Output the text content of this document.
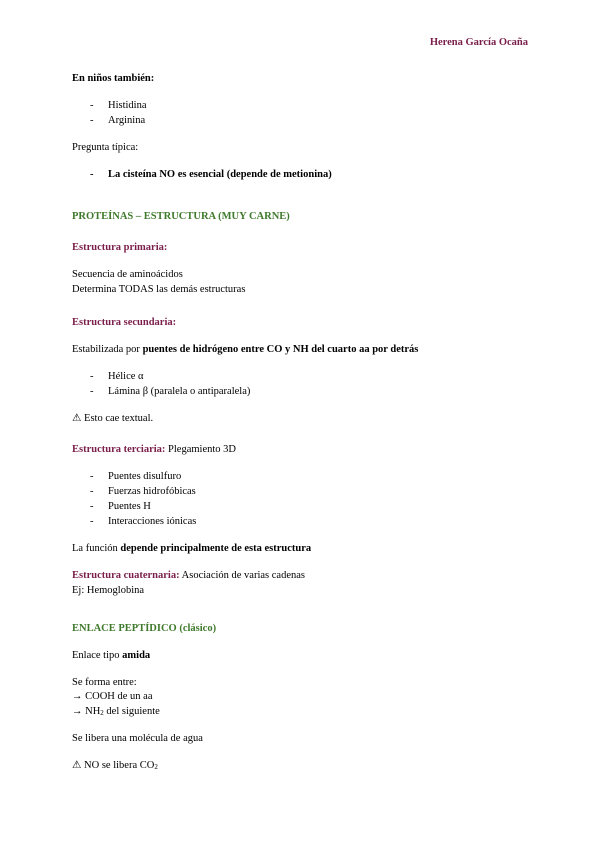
Herena García Ocaña
En niños también:
- Histidina
- Arginina
Pregunta típica:
- La cisteína NO es esencial (depende de metionina)
PROTEÍNAS – ESTRUCTURA (MUY CARNE)
Estructura primaria:
Secuencia de aminoácidos
Determina TODAS las demás estructuras
Estructura secundaria:
Estabilizada por puentes de hidrógeno entre CO y NH del cuarto aa por detrás
- Hélice α
- Lámina β (paralela o antiparalela)
⚠ Esto cae textual.
Estructura terciaria: Plegamiento 3D
- Puentes disulfuro
- Fuerzas hidrofóbicas
- Puentes H
- Interacciones iónicas
La función depende principalmente de esta estructura
Estructura cuaternaria: Asociación de varias cadenas
Ej: Hemoglobina
ENLACE PEPTÍDICO (clásico)
Enlace tipo amida
Se forma entre:
→ COOH de un aa
→ $NH_2$ del siguiente
Se libera una molécula de agua
⚠ NO se libera $CO_2$
